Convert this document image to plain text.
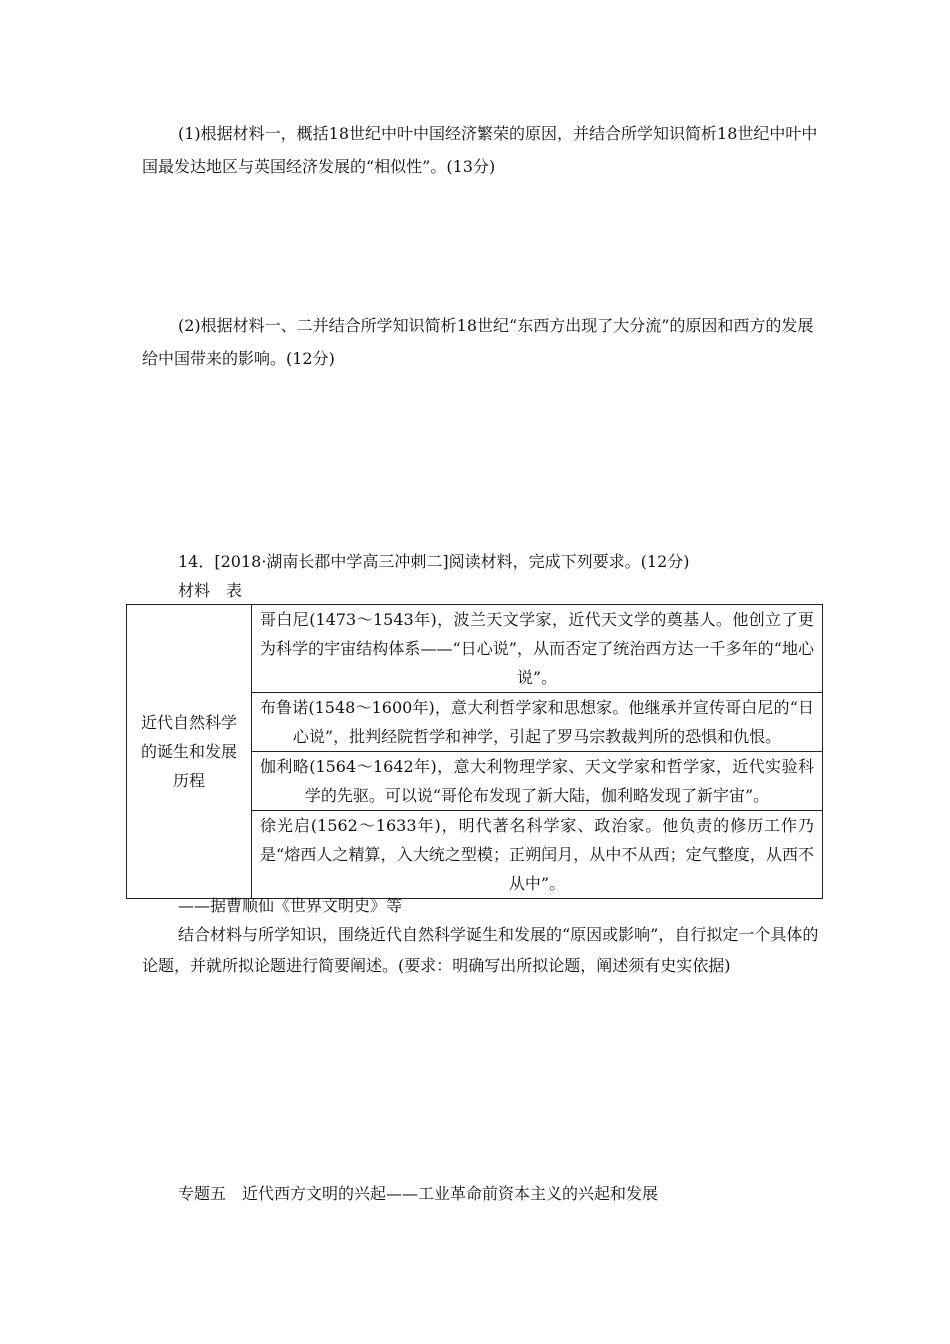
(1)根据材料一，概括18世纪中叶中国经济繁荣的原因，并结合所学知识简析18世纪中叶中国最发达地区与英国经济发展的“相似性”。(13分)

(2)根据材料一、二并结合所学知识简析18世纪“东西方出现了大分流”的原因和西方的发展给中国带来的影响。(12分)

14．[2018·湖南长郡中学高三冲刺二]阅读材料，完成下列要求。(12分)
材料 表
近代自然科学的诞生和发展历程	哥白尼(1473～1543年)，波兰天文学家，近代天文学的奠基人。他创立了更为科学的宇宙结构体系——“日心说”，从而否定了统治西方达一千多年的“地心说”。
布鲁诺(1548～1600年)，意大利哲学家和思想家。他继承并宣传哥白尼的“日心说”，批判经院哲学和神学，引起了罗马宗教裁判所的恐惧和仇恨。
伽利略(1564～1642年)，意大利物理学家、天文学家和哲学家，近代实验科学的先驱。可以说“哥伦布发现了新大陆，伽利略发现了新宇宙”。
徐光启(1562～1633年)，明代著名科学家、政治家。他负责的修历工作乃是“熔西人之精算，入大统之型模；正朔闰月，从中不从西；定气整度，从西不从中”。
——据曹顺仙《世界文明史》等

结合材料与所学知识，围绕近代自然科学诞生和发展的“原因或影响”，自行拟定一个具体的论题，并就所拟论题进行简要阐述。(要求：明确写出所拟论题，阐述须有史实依据)

专题五　近代西方文明的兴起——工业革命前资本主义的兴起和发展
